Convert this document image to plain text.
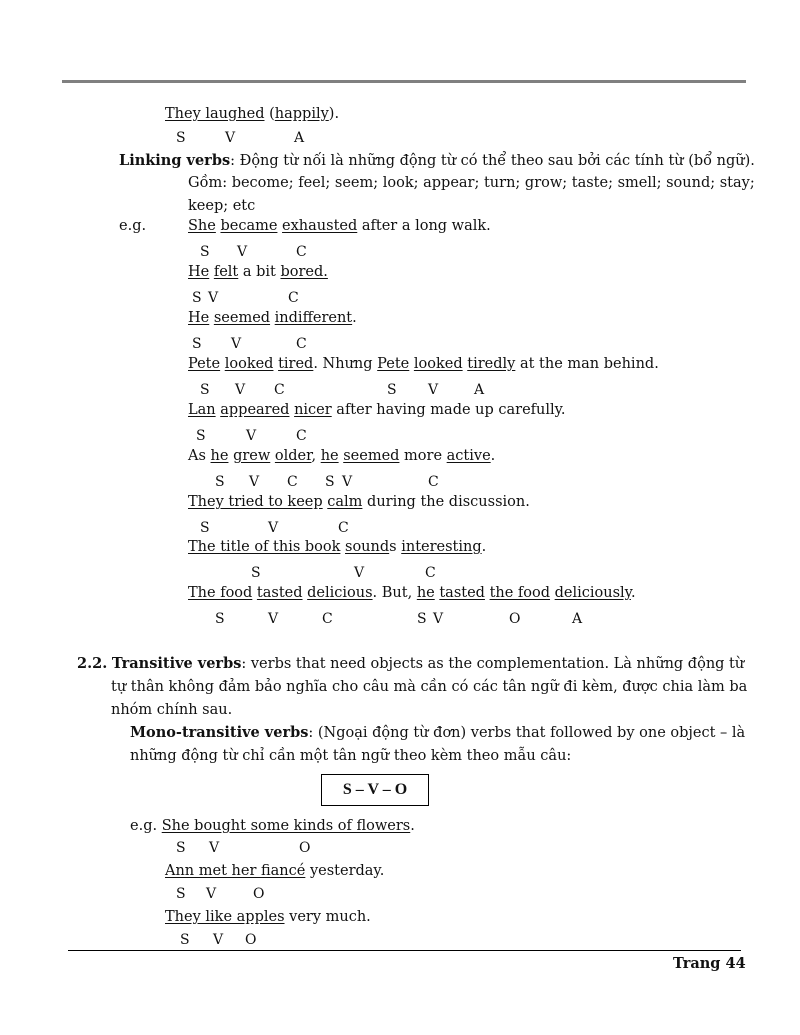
They laughed (happily).
S	V	A
Linking verbs: Động từ nối là những động từ có thể theo sau bởi các tính từ (bổ ngữ).
Gồm: become; feel; seem; look; appear; turn; grow; taste; smell; sound; stay;
keep; etc
e.g.	She became exhausted after a long walk.
S V	C
He felt a bit bored.
S V	C
He seemed indifferent.
S V	C
Pete looked tired. Nhưng Pete looked tiredly at the man behind.
S V C	S V	A
Lan appeared nicer after having made up carefully.
S	V	C
As he grew older, he seemed more active.
S V C S V	C
They tried to keep calm during the discussion.
S	V	C
The title of this book sounds interesting.
S	V	C
The food tasted delicious. But, he tasted the food deliciously.
S	V	C	S V	O	A
2.2. Transitive verbs: verbs that need objects as the complementation. Là những động từ
tự thân không đảm bảo nghĩa cho câu mà cần có các tân ngữ đi kèm, được chia làm ba
nhóm chính sau.
Mono-transitive verbs: (Ngoại động từ đơn) verbs that followed by one object – là
những động từ chỉ cần một tân ngữ theo kèm theo mẫu câu:
S – V – O
e.g. She bought some kinds of flowers.
S V	O
Ann met her fiancé yesterday.
S V	O
They like apples very much.
S V O
Trang 44
